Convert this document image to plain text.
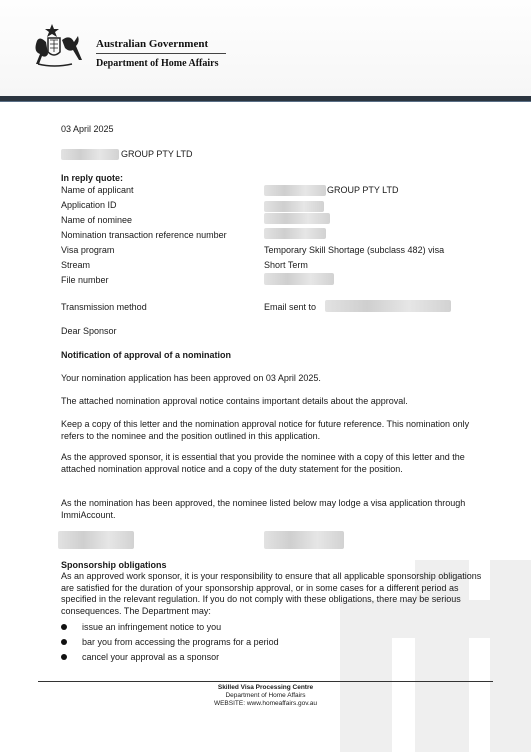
Australian Government
Department of Home Affairs
03 April 2025
GROUP PTY LTD
In reply quote:
Name of applicant	GROUP PTY LTD
Application ID
Name of nominee
Nomination transaction reference number
Visa program	Temporary Skill Shortage (subclass 482) visa
Stream	Short Term
File number
Transmission method	Email sent to
Dear Sponsor
Notification of approval of a nomination
Your nomination application has been approved on 03 April 2025.
The attached nomination approval notice contains important details about the approval.
Keep a copy of this letter and the nomination approval notice for future reference. This nomination only refers to the nominee and the position outlined in this application.
As the approved sponsor, it is essential that you provide the nominee with a copy of this letter and the attached nomination approval notice and a copy of the duty statement for the position.
As the nomination has been approved, the nominee listed below may lodge a visa application through ImmiAccount.
Sponsorship obligations
As an approved work sponsor, it is your responsibility to ensure that all applicable sponsorship obligations are satisfied for the duration of your sponsorship approval, or in some cases for a different period as specified in the relevant regulation. If you do not comply with these obligations, there may be serious consequences. The Department may:
issue an infringement notice to you
bar you from accessing the programs for a period
cancel your approval as a sponsor
Skilled Visa Processing Centre
Department of Home Affairs
WEBSITE: www.homeaffairs.gov.au
